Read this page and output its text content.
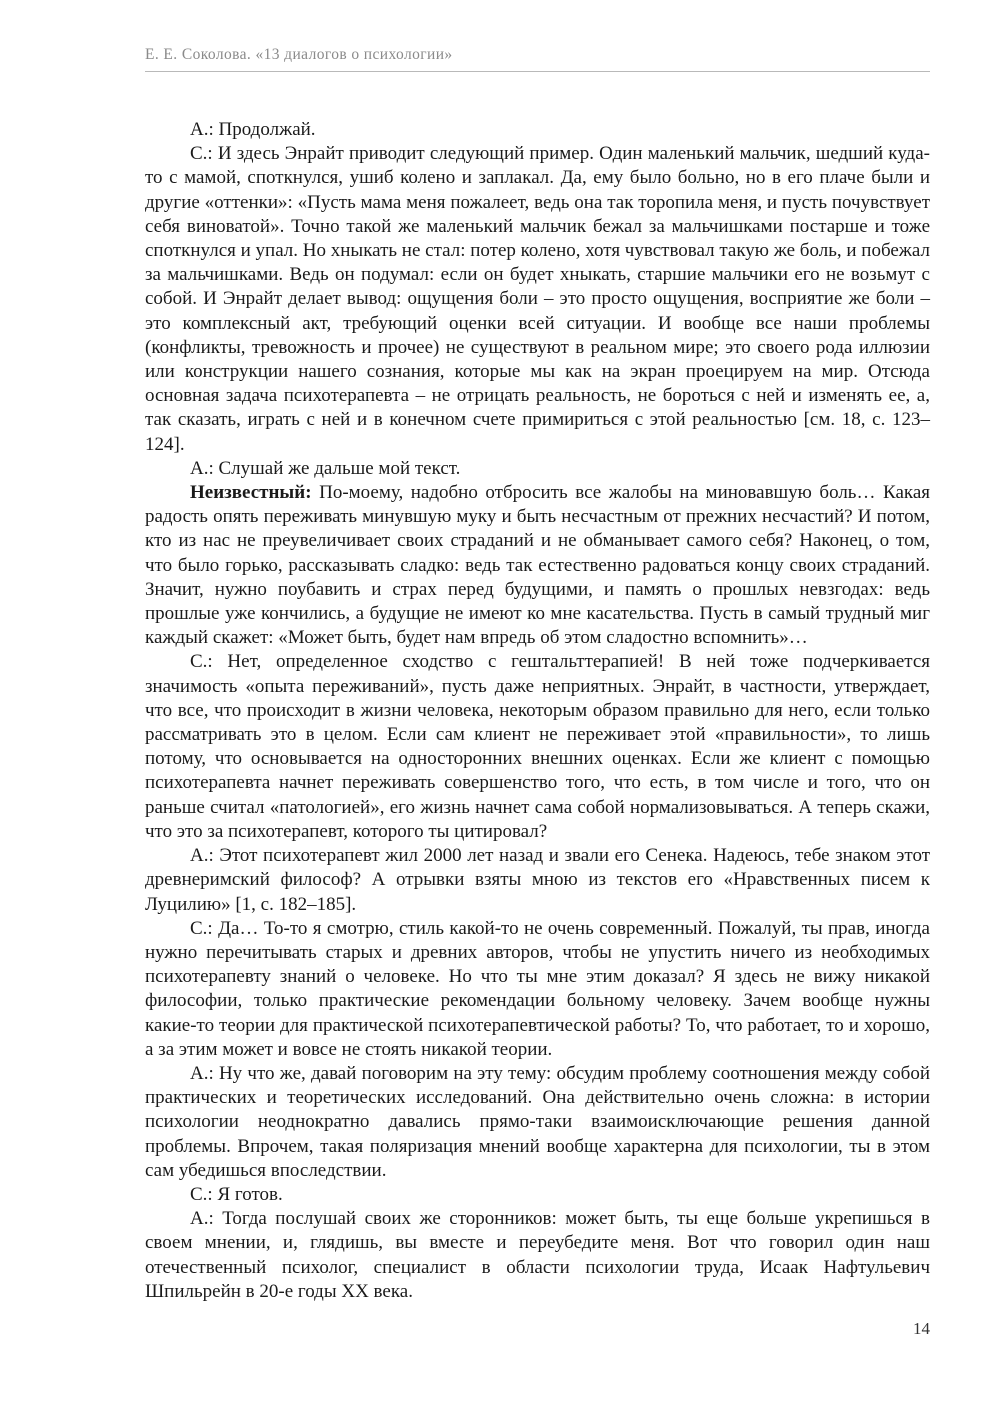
Е. Е. Соколова. «13 диалогов о психологии»

А.: Продолжай.

С.: И здесь Энрайт приводит следующий пример. Один маленький мальчик, шедший куда-то с мамой, споткнулся, ушиб колено и заплакал. Да, ему было больно, но в его плаче были и другие «оттенки»: «Пусть мама меня пожалеет, ведь она так торопила меня, и пусть почувствует себя виноватой». Точно такой же маленький мальчик бежал за мальчишками постарше и тоже споткнулся и упал. Но хныкать не стал: потер колено, хотя чувствовал такую же боль, и побежал за мальчишками. Ведь он подумал: если он будет хныкать, старшие мальчики его не возьмут с собой. И Энрайт делает вывод: ощущения боли – это просто ощущения, восприятие же боли – это комплексный акт, требующий оценки всей ситуации. И вообще все наши проблемы (конфликты, тревожность и прочее) не существуют в реальном мире; это своего рода иллюзии или конструкции нашего сознания, которые мы как на экран проецируем на мир. Отсюда основная задача психотерапевта – не отрицать реальность, не бороться с ней и изменять ее, а, так сказать, играть с ней и в конечном счете примириться с этой реальностью [см. 18, с. 123–124].

А.: Слушай же дальше мой текст.

Неизвестный: По-моему, надобно отбросить все жалобы на миновавшую боль… Какая радость опять переживать минувшую муку и быть несчастным от прежних несчастий? И потом, кто из нас не преувеличивает своих страданий и не обманывает самого себя? Наконец, о том, что было горько, рассказывать сладко: ведь так естественно радоваться концу своих страданий. Значит, нужно поубавить и страх перед будущими, и память о прошлых невзгодах: ведь прошлые уже кончились, а будущие не имеют ко мне касательства. Пусть в самый трудный миг каждый скажет: «Может быть, будет нам впредь об этом сладостно вспомнить»…

С.: Нет, определенное сходство с гештальттерапией! В ней тоже подчеркивается значимость «опыта переживаний», пусть даже неприятных. Энрайт, в частности, утверждает, что все, что происходит в жизни человека, некоторым образом правильно для него, если только рассматривать это в целом. Если сам клиент не переживает этой «правильности», то лишь потому, что основывается на односторонних внешних оценках. Если же клиент с помощью психотерапевта начнет переживать совершенство того, что есть, в том числе и того, что он раньше считал «патологией», его жизнь начнет сама собой нормализовываться. А теперь скажи, что это за психотерапевт, которого ты цитировал?

А.: Этот психотерапевт жил 2000 лет назад и звали его Сенека. Надеюсь, тебе знаком этот древнеримский философ? А отрывки взяты мною из текстов его «Нравственных писем к Луцилию» [1, с. 182–185].

С.: Да… То-то я смотрю, стиль какой-то не очень современный. Пожалуй, ты прав, иногда нужно перечитывать старых и древних авторов, чтобы не упустить ничего из необходимых психотерапевту знаний о человеке. Но что ты мне этим доказал? Я здесь не вижу никакой философии, только практические рекомендации больному человеку. Зачем вообще нужны какие-то теории для практической психотерапевтической работы? То, что работает, то и хорошо, а за этим может и вовсе не стоять никакой теории.

А.: Ну что же, давай поговорим на эту тему: обсудим проблему соотношения между собой практических и теоретических исследований. Она действительно очень сложна: в истории психологии неоднократно давались прямо-таки взаимоисключающие решения данной проблемы. Впрочем, такая поляризация мнений вообще характерна для психологии, ты в этом сам убедишься впоследствии.

С.: Я готов.

А.: Тогда послушай своих же сторонников: может быть, ты еще больше укрепишься в своем мнении, и, глядишь, вы вместе и переубедите меня. Вот что говорил один наш отечественный психолог, специалист в области психологии труда, Исаак Нафтульевич Шпильрейн в 20-е годы XX века.

14
